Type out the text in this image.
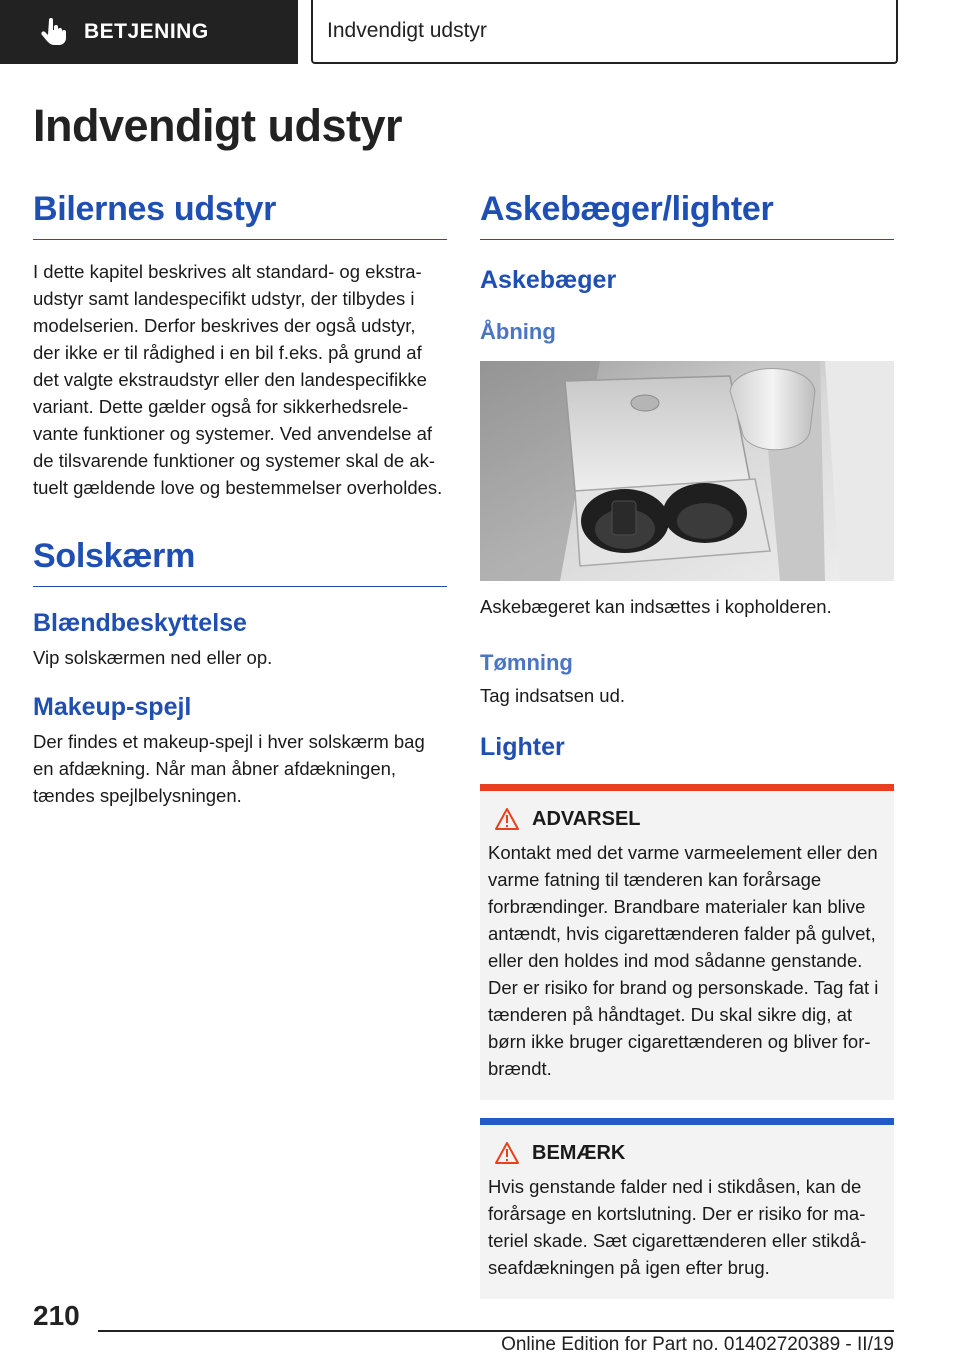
BETJENING	Indvendigt udstyr
Indvendigt udstyr
Bilernes udstyr

I dette kapitel beskrives alt standard- og ekstraudstyr samt landespecifikt udstyr, der tilbydes i modelserien. Derfor beskrives der også udstyr, der ikke er til rådighed i en bil f.eks. på grund af det valgte ekstraudstyr eller den landespecifikke variant. Dette gælder også for sikkerhedsrelevante funktioner og systemer. Ved anvendelse af de tilsvarende funktioner og systemer skal de aktuelt gældende love og bestemmelser overholdes.

Solskærm
Blændbeskyttelse

Vip solskærmen ned eller op.

Makeup-spejl

Der findes et makeup-spejl i hver solskærm bag en afdækning. Når man åbner afdækningen, tændes spejlbelysningen.

Askebæger/lighter
Askebæger
Åbning

Askebægeret kan indsættes i kopholderen.

Tømning

Tag indsatsen ud.

Lighter
ADVARSEL

Kontakt med det varme varmeelement eller den varme fatning til tænderen kan forårsage forbrændinger. Brandbare materialer kan blive antændt, hvis cigarettænderen falder på gulvet, eller den holdes ind mod sådanne genstande. Der er risiko for brand og personskade. Tag fat i tænderen på håndtaget. Du skal sikre dig, at børn ikke bruger cigarettænderen og bliver forbrændt.

BEMÆRK

Hvis genstande falder ned i stikdåsen, kan de forårsage en kortslutning. Der er risiko for materiel skade. Sæt cigarettænderen eller stikdåseafdækningen på igen efter brug.

210
Online Edition for Part no. 01402720389 - II/19
